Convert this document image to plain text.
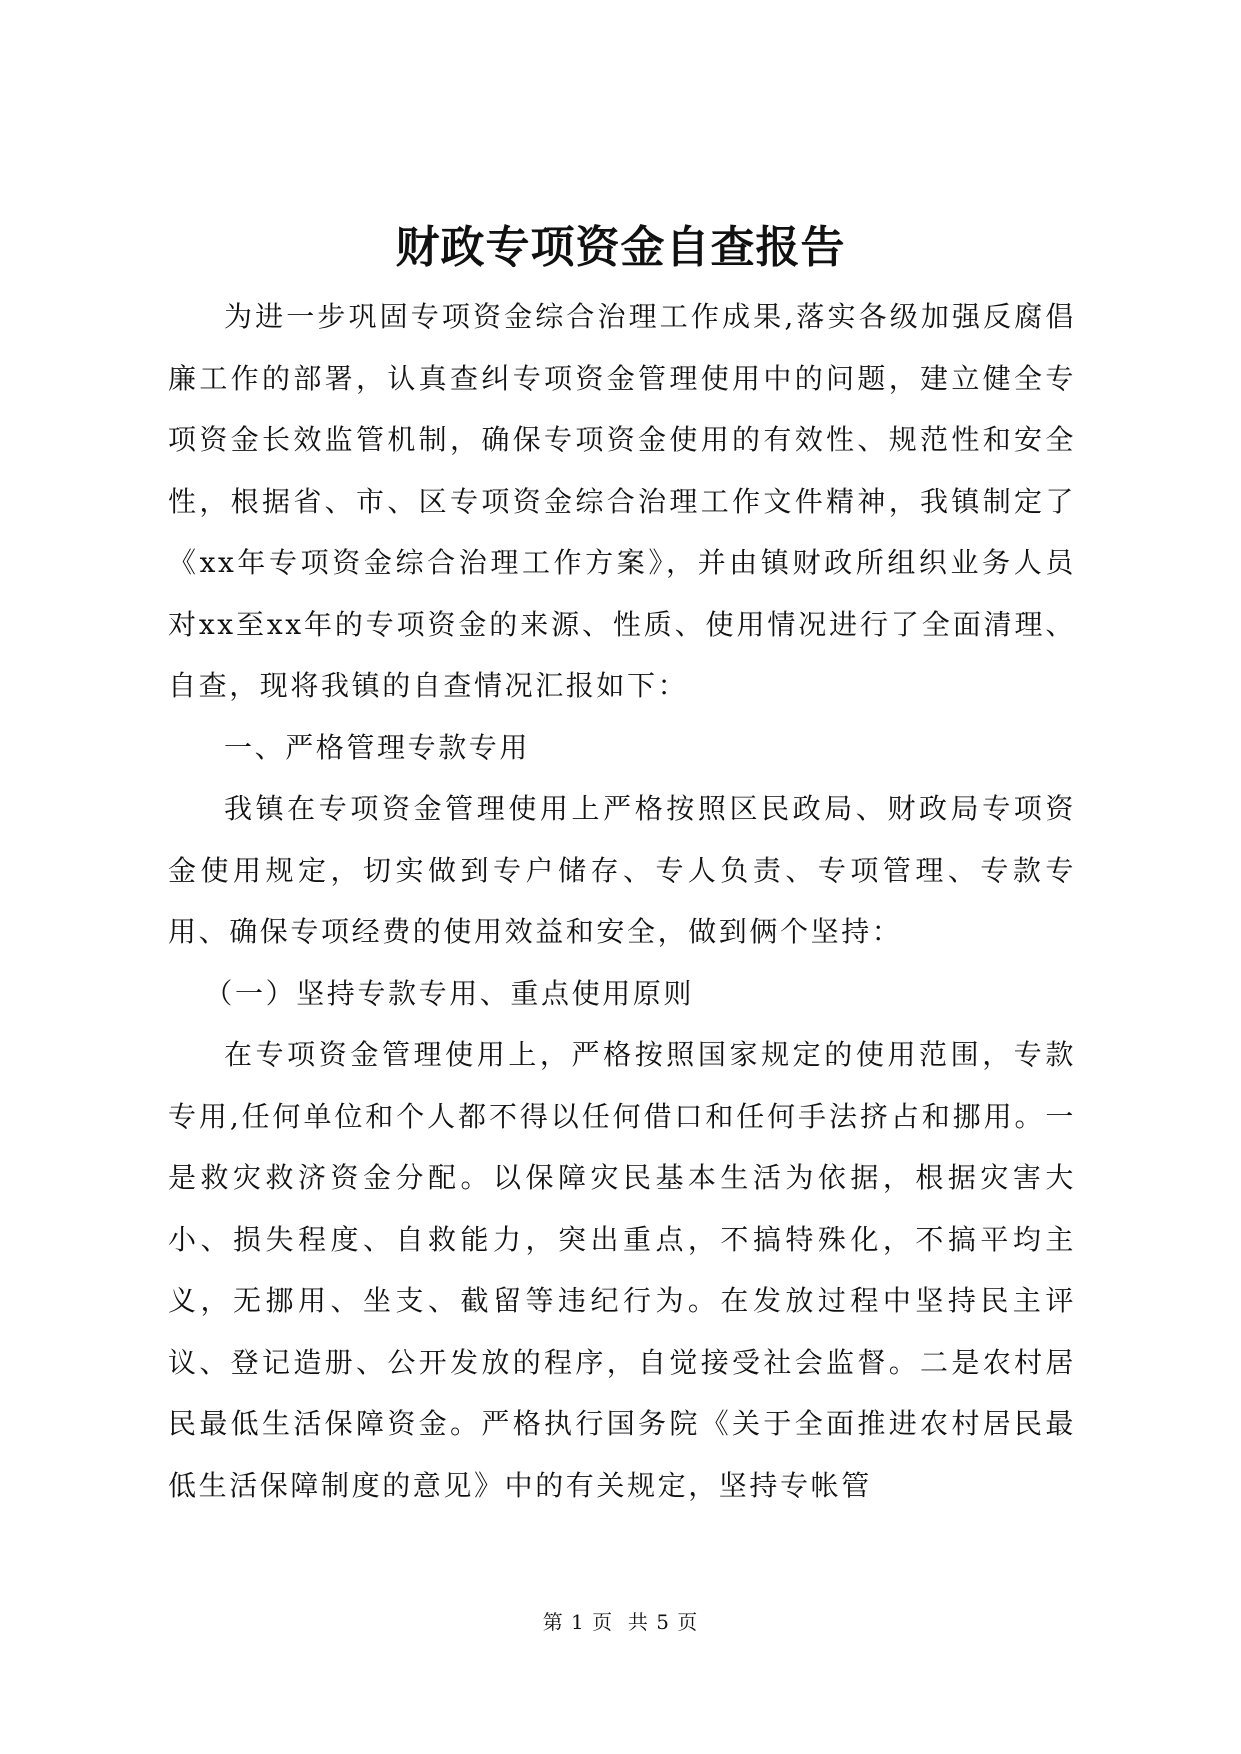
财政专项资金自查报告

为进一步巩固专项资金综合治理工作成果,落实各级加强反腐倡廉工作的部署，认真查纠专项资金管理使用中的问题，建立健全专项资金长效监管机制，确保专项资金使用的有效性、规范性和安全性，根据省、市、区专项资金综合治理工作文件精神，我镇制定了《xx年专项资金综合治理工作方案》，并由镇财政所组织业务人员对xx至xx年的专项资金的来源、性质、使用情况进行了全面清理、自查，现将我镇的自查情况汇报如下：

一、严格管理专款专用

我镇在专项资金管理使用上严格按照区民政局、财政局专项资金使用规定，切实做到专户储存、专人负责、专项管理、专款专用、确保专项经费的使用效益和安全，做到俩个坚持：

（一）坚持专款专用、重点使用原则

在专项资金管理使用上，严格按照国家规定的使用范围，专款专用,任何单位和个人都不得以任何借口和任何手法挤占和挪用。一是救灾救济资金分配。以保障灾民基本生活为依据，根据灾害大小、损失程度、自救能力，突出重点，不搞特殊化，不搞平均主义，无挪用、坐支、截留等违纪行为。在发放过程中坚持民主评议、登记造册、公开发放的程序，自觉接受社会监督。二是农村居民最低生活保障资金。严格执行国务院《关于全面推进农村居民最低生活保障制度的意见》中的有关规定，坚持专帐管

第 1 页  共 5 页
